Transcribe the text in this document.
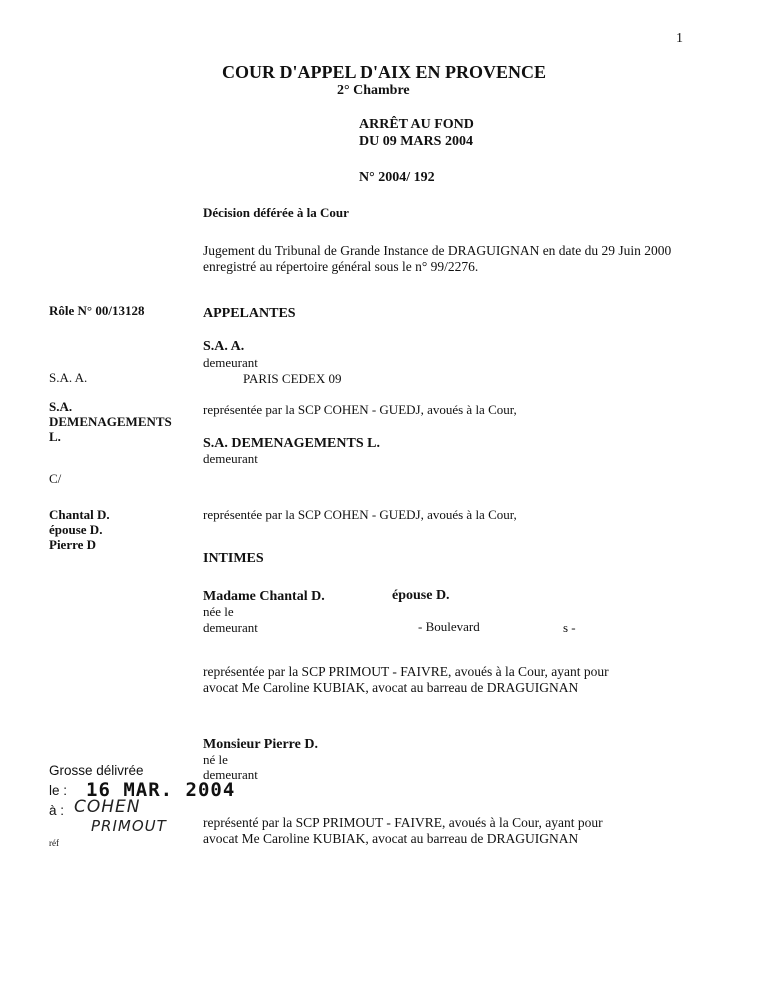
1
COUR D'APPEL D'AIX EN PROVENCE
2° Chambre
ARRÊT AU FOND
DU 09 MARS 2004
N° 2004/ 192
Décision déférée à la Cour
Jugement du Tribunal de Grande Instance de DRAGUIGNAN en date du 29 Juin 2000 enregistré au répertoire général sous le n° 99/2276.
Rôle N° 00/13128
S.A. A.
S.A.
DEMENAGEMENTS
L.
C/
Chantal D.
épouse D.
Pierre D
Grosse délivrée
le : 16 MAR. 2004
à : COHEN
PRIMOUT
réf
APPELANTES
S.A. A.
demeurant
PARIS CEDEX 09
représentée par la SCP COHEN - GUEDJ, avoués à la Cour,
S.A. DEMENAGEMENTS L.
demeurant
représentée par la SCP COHEN - GUEDJ, avoués à la Cour,
INTIMES
Madame Chantal D.	épouse D.
née le
demeurant	- Boulevard	s -
représentée par la SCP PRIMOUT - FAIVRE, avoués à la Cour, ayant pour avocat Me Caroline KUBIAK, avocat au barreau de DRAGUIGNAN
Monsieur Pierre D.
né le
demeurant
représenté par la SCP PRIMOUT - FAIVRE, avoués à la Cour, ayant pour avocat Me Caroline KUBIAK, avocat au barreau de DRAGUIGNAN
